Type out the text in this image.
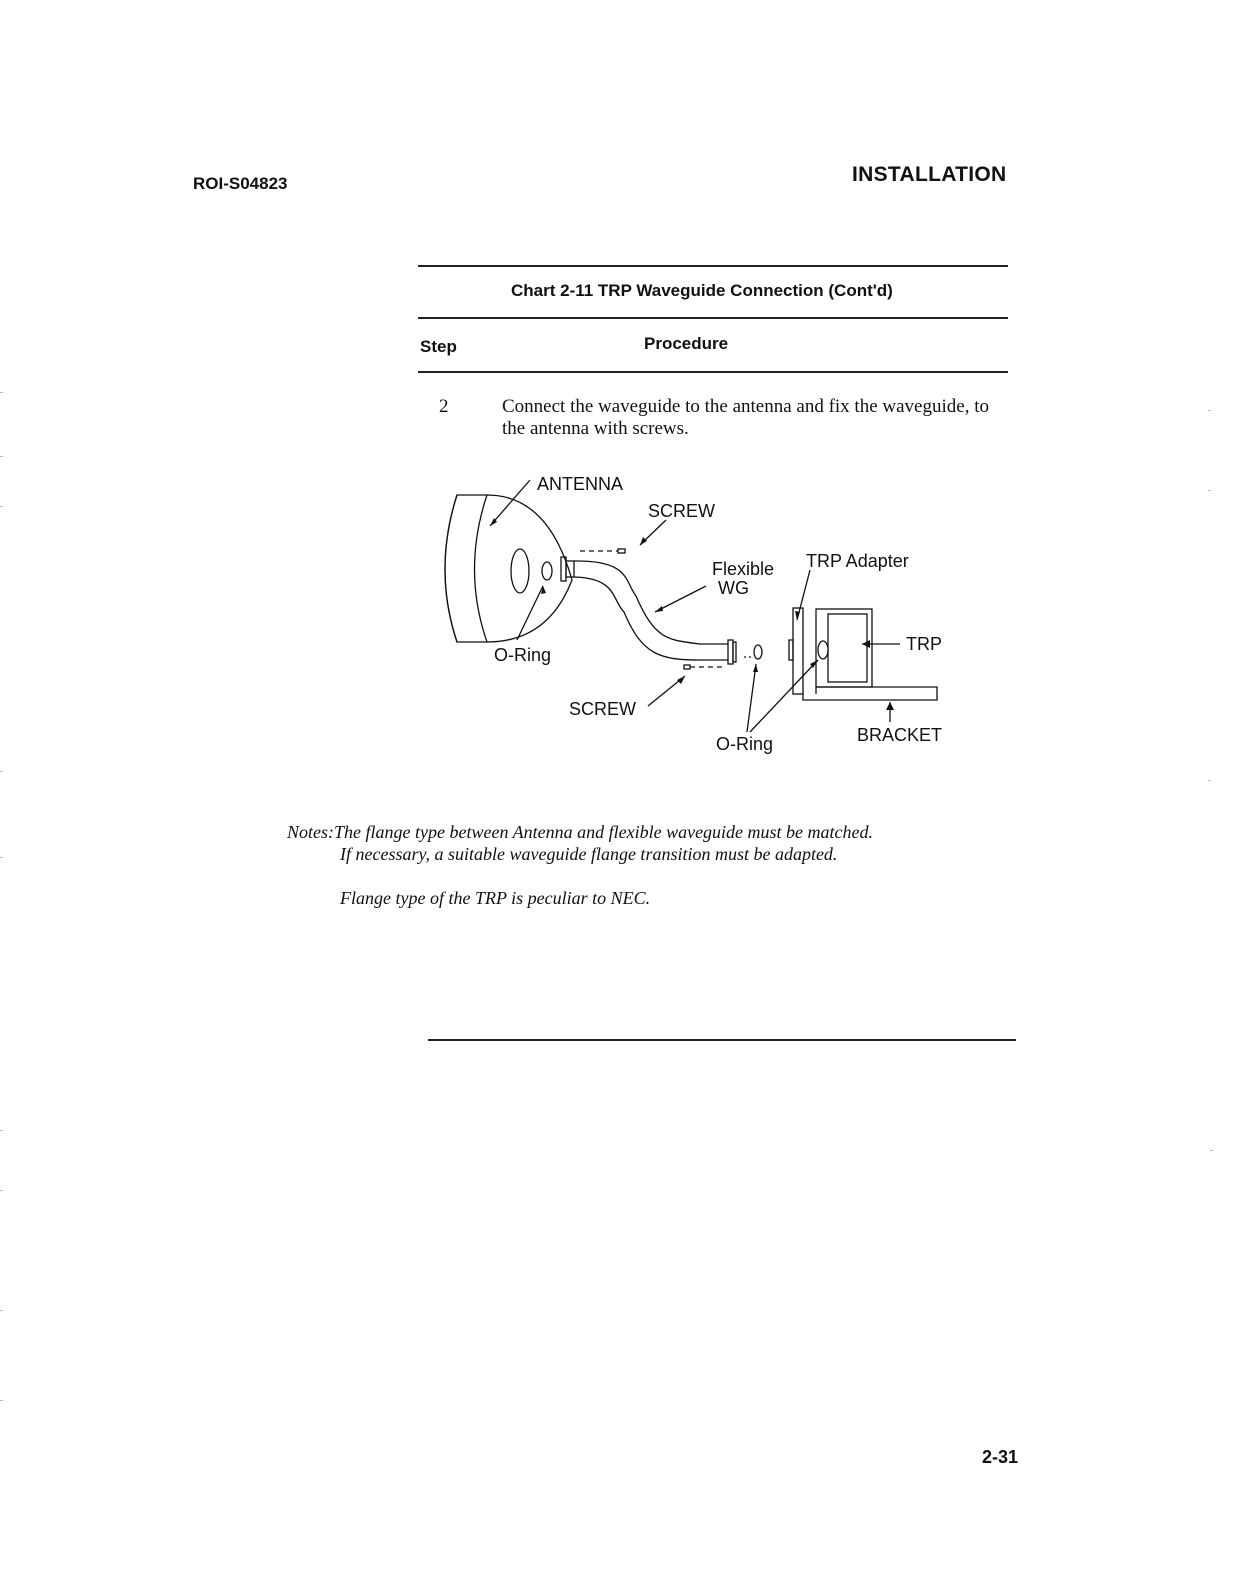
ROI-S04823	INSTALLATION
Chart 2-11 TRP Waveguide Connection (Cont'd)
Step	Procedure
2	Connect the waveguide to the antenna and fix the waveguide, to the antenna with screws.
ANTENNA
SCREW
Flexible
WG
TRP Adapter
TRP
O-Ring
SCREW
O-Ring	BRACKET
Notes:The flange type between Antenna and flexible waveguide must be matched.
If necessary, a suitable waveguide flange transition must be adapted.
Flange type of the TRP is peculiar to NEC.
2-31
